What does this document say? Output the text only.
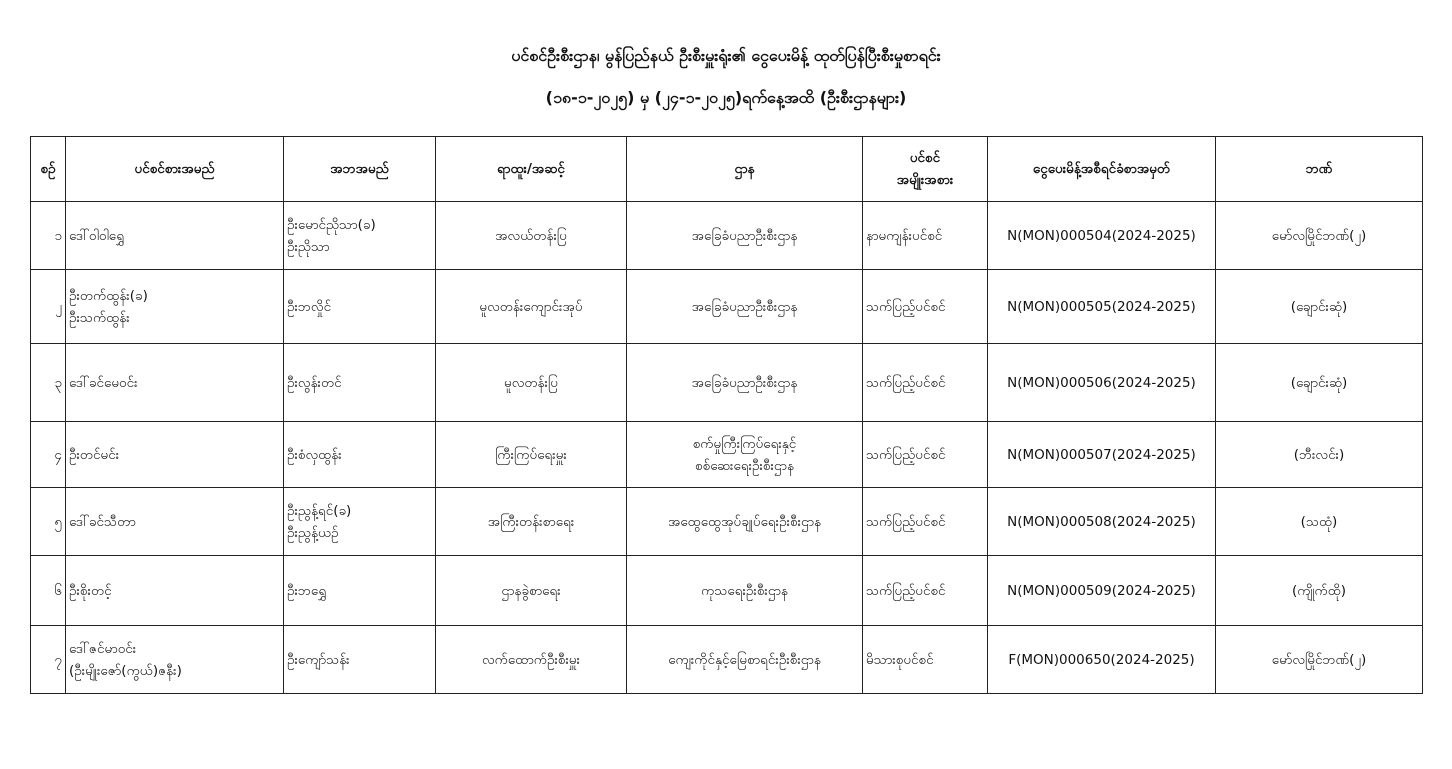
ပင်စင်ဦးစီးဌာန၊ မွန်ပြည်နယ် ဦးစီးမှူးရုံး၏ ငွေပေးမိန့် ထုတ်ပြန်ပြီးစီးမှုစာရင်း
(၁၈-၁-၂၀၂၅) မှ (၂၄-၁-၂၀၂၅)ရက်နေ့အထိ (ဦးစီးဌာနများ)
စဉ်	ပင်စင်စားအမည်	အဘအမည်	ရာထူး/အဆင့်	ဌာန	ပင်စင်
အမျိုးအစား	ငွေပေးမိန့်အစီရင်ခံစာအမှတ်	ဘဏ်
၁	ဒေါ်ဝါဝါရွှေ	ဦးမောင်ညိုသာ(ခ)
ဦးညိုသာ	အလယ်တန်းပြ	အခြေခံပညာဦးစီးဌာန	နာမကျန်းပင်စင်	N(MON)000504(2024-2025)	မော်လမြိုင်ဘဏ်(၂)
၂	ဦးတက်ထွန်း(ခ)
ဦးသက်ထွန်း	ဦးဘလှိုင်	မူလတန်းကျောင်းအုပ်	အခြေခံပညာဦးစီးဌာန	သက်ပြည့်ပင်စင်	N(MON)000505(2024-2025)	(ချောင်းဆုံ)
၃	ဒေါ်ခင်မေဝင်း	ဦးလွန်းတင်	မူလတန်းပြ	အခြေခံပညာဦးစီးဌာန	သက်ပြည့်ပင်စင်	N(MON)000506(2024-2025)	(ချောင်းဆုံ)
၄	ဦးတင်မင်း	ဦးစံလှထွန်း	ကြီးကြပ်ရေးမှူး	စက်မှုကြီးကြပ်ရေးနှင့်
စစ်ဆေးရေးဦးစီးဌာန	သက်ပြည့်ပင်စင်	N(MON)000507(2024-2025)	(ဘီးလင်း)
၅	ဒေါ်ခင်သီတာ	ဦးညွန့်ရင်(ခ)
ဦးညွန့်ယဉ်	အကြီးတန်းစာရေး	အထွေထွေအုပ်ချုပ်ရေးဦးစီးဌာန	သက်ပြည့်ပင်စင်	N(MON)000508(2024-2025)	(သထုံ)
၆	ဦးစိုးတင့်	ဦးဘရွှေ	ဌာနခွဲစာရေး	ကုသရေးဦးစီးဌာန	သက်ပြည့်ပင်စင်	N(MON)000509(2024-2025)	(ကျိုက်ထို)
၇	ဒေါ်ဇင်မာဝင်း
(ဦးမျိုးဇော်(ကွယ်)ဇနီး)	ဦးကျော်သန်း	လက်ထောက်ဦးစီးမှူး	ကျေးကိုင်နှင့်မြေစာရင်းဦးစီးဌာန	မိသားစုပင်စင်	F(MON)000650(2024-2025)	မော်လမြိုင်ဘဏ်(၂)
